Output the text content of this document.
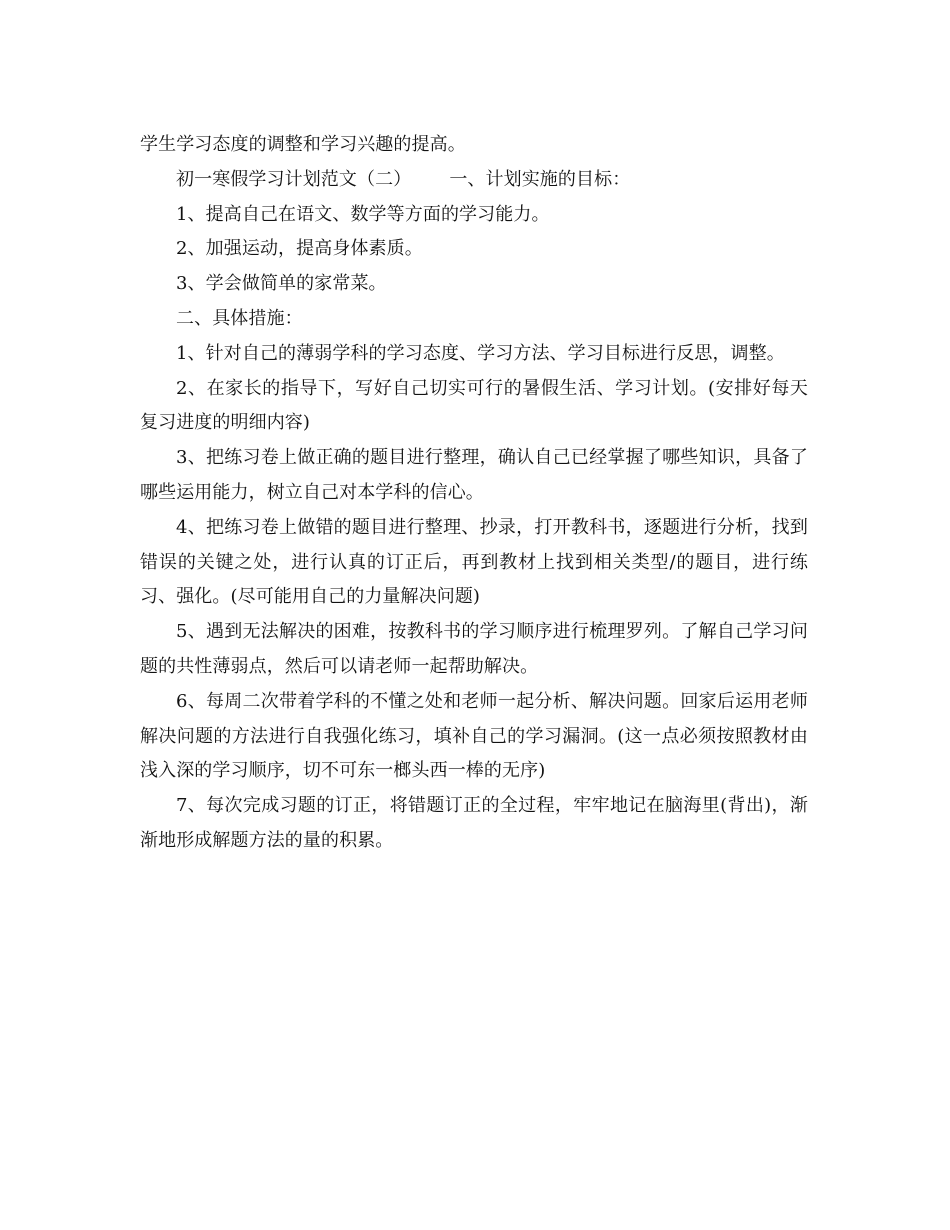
学生学习态度的调整和学习兴趣的提高。

初一寒假学习计划范文（二） 一、计划实施的目标：

1、提高自己在语文、数学等方面的学习能力。

2、加强运动，提高身体素质。

3、学会做简单的家常菜。

二、具体措施：

1、针对自己的薄弱学科的学习态度、学习方法、学习目标进行反思，调整。

2、在家长的指导下，写好自己切实可行的暑假生活、学习计划。(安排好每天复习进度的明细内容)

3、把练习卷上做正确的题目进行整理，确认自己已经掌握了哪些知识，具备了哪些运用能力，树立自己对本学科的信心。

4、把练习卷上做错的题目进行整理、抄录，打开教科书，逐题进行分析，找到错误的关键之处，进行认真的订正后，再到教材上找到相关类型/的题目，进行练习、强化。(尽可能用自己的力量解决问题)

5、遇到无法解决的困难，按教科书的学习顺序进行梳理罗列。了解自己学习问题的共性薄弱点，然后可以请老师一起帮助解决。

6、每周二次带着学科的不懂之处和老师一起分析、解决问题。回家后运用老师解决问题的方法进行自我强化练习，填补自己的学习漏洞。(这一点必须按照教材由浅入深的学习顺序，切不可东一榔头西一棒的无序)

7、每次完成习题的订正，将错题订正的全过程，牢牢地记在脑海里(背出)，渐渐地形成解题方法的量的积累。
